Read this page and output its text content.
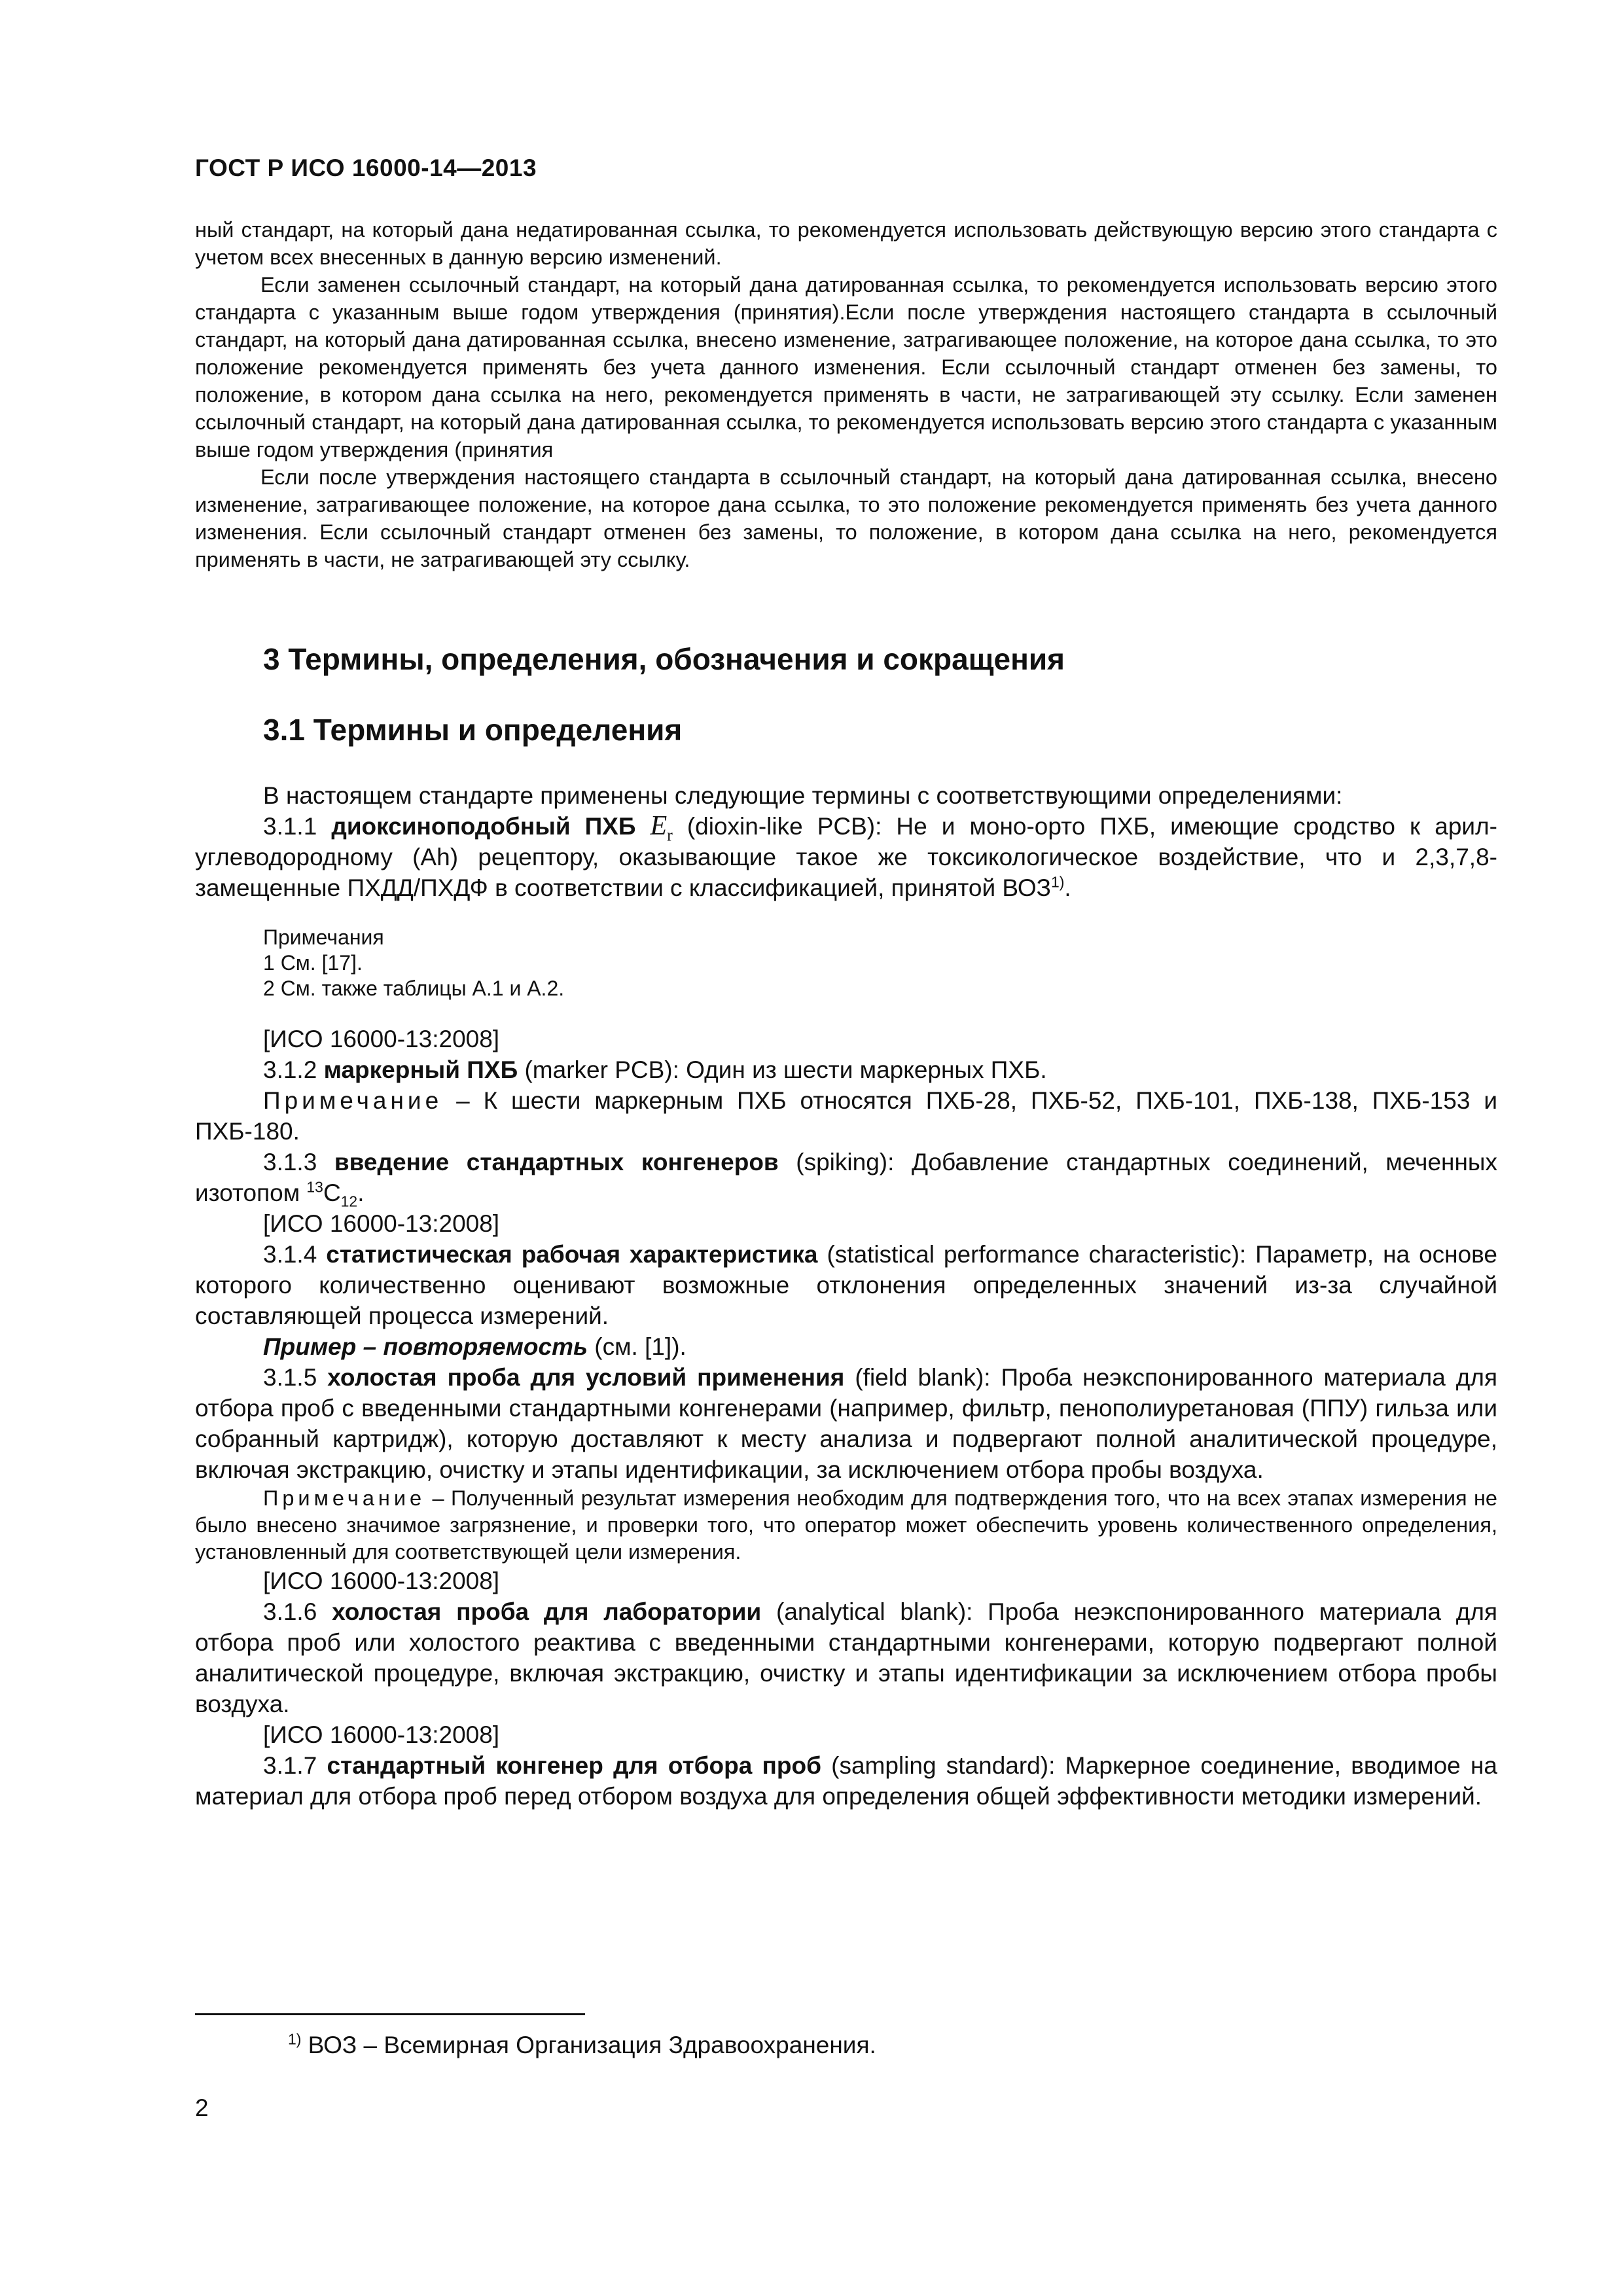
ГОСТ Р ИСО 16000-14—2013

ный стандарт, на который дана недатированная ссылка, то рекомендуется использовать действующую версию этого стандарта с учетом всех внесенных в данную версию изменений.

Если заменен ссылочный стандарт, на который дана датированная ссылка, то рекомендуется использовать версию этого стандарта с указанным выше годом утверждения (принятия).Если после утверждения настоящего стандарта в ссылочный стандарт, на который дана датированная ссылка, внесено изменение, затрагивающее положение, на которое дана ссылка, то это положение рекомендуется применять без учета данного изменения. Если ссылочный стандарт отменен без замены, то положение, в котором дана ссылка на него, рекомендуется применять в части, не затрагивающей эту ссылку. Если заменен ссылочный стандарт, на который дана датированная ссылка, то рекомендуется использовать версию этого стандарта с указанным выше годом утверждения (принятия

Если после утверждения настоящего стандарта в ссылочный стандарт, на который дана датированная ссылка, внесено изменение, затрагивающее положение, на которое дана ссылка, то это положение рекомендуется применять без учета данного изменения. Если ссылочный стандарт отменен без замены, то положение, в котором дана ссылка на него, рекомендуется применять в части, не затрагивающей эту ссылку.

3 Термины, определения, обозначения и сокращения
3.1 Термины и определения

В настоящем стандарте применены следующие термины с соответствующими определениями:

3.1.1 диоксиноподобный ПХБ $E_r$ (dioxin-like PCB): Не и моно-орто ПХБ, имеющие сродство к арил-углеводородному (Ah) рецептору, оказывающие такое же токсикологическое воздействие, что и 2,3,7,8-замещенные ПХДД/ПХДФ в соответствии с классификацией, принятой ВОЗ$^{1)}$.

Примечания

1 См. [17].

2 См. также таблицы А.1 и А.2.

[ИСО 16000-13:2008]

3.1.2 маркерный ПХБ (marker PCB): Один из шести маркерных ПХБ.

Примечание – К шести маркерным ПХБ относятся ПХБ-28, ПХБ-52, ПХБ-101, ПХБ-138, ПХБ-153 и ПХБ-180.

3.1.3 введение стандартных конгенеров (spiking): Добавление стандартных соединений, меченных изотопом $^{13}C_{12}$.

[ИСО 16000-13:2008]

3.1.4 статистическая рабочая характеристика (statistical performance characteristic): Параметр, на основе которого количественно оценивают возможные отклонения определенных значений из-за случайной составляющей процесса измерений.

Пример – повторяемость (см. [1]).

3.1.5 холостая проба для условий применения (field blank): Проба неэкспонированного материала для отбора проб с введенными стандартными конгенерами (например, фильтр, пенополиуретановая (ППУ) гильза или собранный картридж), которую доставляют к месту анализа и подвергают полной аналитической процедуре, включая экстракцию, очистку и этапы идентификации, за исключением отбора пробы воздуха.

Примечание – Полученный результат измерения необходим для подтверждения того, что на всех этапах измерения не было внесено значимое загрязнение, и проверки того, что оператор может обеспечить уровень количественного определения, установленный для соответствующей цели измерения.

[ИСО 16000-13:2008]

3.1.6 холостая проба для лаборатории (analytical blank): Проба неэкспонированного материала для отбора проб или холостого реактива с введенными стандартными конгенерами, которую подвергают полной аналитической процедуре, включая экстракцию, очистку и этапы идентификации за исключением отбора пробы воздуха.

[ИСО 16000-13:2008]

3.1.7 стандартный конгенер для отбора проб (sampling standard): Маркерное соединение, вводимое на материал для отбора проб перед отбором воздуха для определения общей эффективности методики измерений.

$^{1)}$ ВОЗ – Всемирная Организация Здравоохранения.
2
